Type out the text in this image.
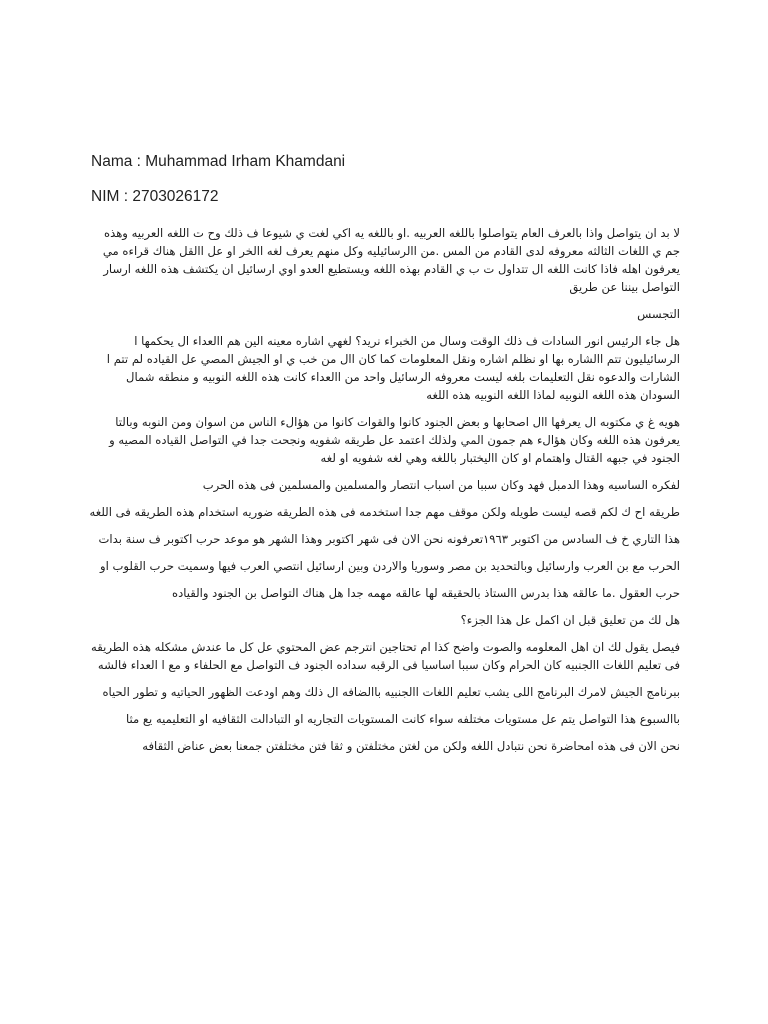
Nama : Muhammad Irham Khamdani
NIM : 2703026172

لا بد ان يتواصل واذا بالعرف العام يتواصلوا باللغه العربيه .او باللغه يه اكي لغت ي شيوعا ف ذلك وح ت اللغه العربيه وهذه جم ي اللغات الثالثه معروفه لدى القادم من المس .من االرسائيليه وكل منهم يعرف لغه االخر او عل االقل هناك قراءه مي يعرفون اهله فاذا كانت اللغه ال تتداول ت ب ي القادم بهذه اللغه ويستطيع العدو اوي ارسائيل ان يكتشف هذه اللغه ارسار التواصل بيننا عن طريق

التجسس

هل جاء الرئيس انور السادات ف ذلك الوقت وسال من الخبراء نريد؟ لغهي اشاره معينه الين هم االعداء ال يحكمها ا الرسائيليون تتم االشاره بها او نظلم اشاره ونقل المعلومات كما كان اال من خب ي او الجيش المصي عل القياده لم تتم ا الشارات والدعوه نقل التعليمات بلغه ليست معروفه الرسائيل واحد من االعداء كانت هذه اللغه النوبيه و منطقه شمال السودان هذه اللغه النوبيه لماذا اللغه النوبيه هذه اللغه

هويه غ ي مكتوبه ال يعرفها اال اصحابها و بعض الجنود كانوا والقوات كانوا من هؤالء الناس من اسوان ومن النوبه وبالتا يعرفون هذه اللغه وكان هؤالء هم جمون المي ولذلك اعتمد عل طريقه شفويه ونجحت جدا في التواصل القياده المصيه و الجنود في جبهه القتال واهتمام او كان االيختبار باللغه وهي لغه شفويه او لغه

لفكره الساسيه وهذا الدمبل فهد وكان سببا من اسباب انتصار والمسلمين والمسلمين فى هذه الحرب

طريقه اح ك لكم قصه ليست طويله ولكن موقف مهم جدا استخدمه فى هذه الطريقه ضوريه استخدام هذه الطريقه فى اللغه

هذا التاري خ ف السادس من اكتوبر ١٩٦٣تعرفونه نحن الان فى شهر اكتوبر وهذا الشهر هو موعد حرب اكتوبر ف سنة بدات

الحرب مع بن العرب وارسائيل وبالتحديد بن مصر وسوريا والاردن وبين ارسائيل انتصي العرب فيها وسميت حرب القلوب او

حرب العقول .ما عالقه هذا بدرس االستاذ بالحقيقه لها عالقه مهمه جدا هل هناك التواصل بن الجنود والقياده

هل لك من تعليق قبل ان اكمل عل هذا الجزء؟

فيصل يقول لك ان اهل المعلومه والصوت واضح كذا ام تحتاجين انترجم عض المحتوي عل كل ما عندش مشكله هذه الطريقه فى تعليم اللغات االجنبيه كان الحرام وكان سببا اساسيا فى الرقبه سداده الجنود ف التواصل مع الحلفاء و مع ا العداء فالشه

ببرنامج الجيش لامرك البرنامج اللى يشب تعليم اللغات االجنبيه باالضافه ال ذلك وهم اودعت الظهور الحياتيه و تطور الحياه

باالسبوع هذا التواصل يتم عل مستويات مختلفه سواء كانت المستويات التجاريه او التبادالت الثقافيه او التعليميه يع مثا

نحن الان فى هذه امحاضرة نحن نتبادل اللغه ولكن من لغتن مختلفتن و ثقا فتن مختلفتن جمعنا بعض عناض الثقافه
